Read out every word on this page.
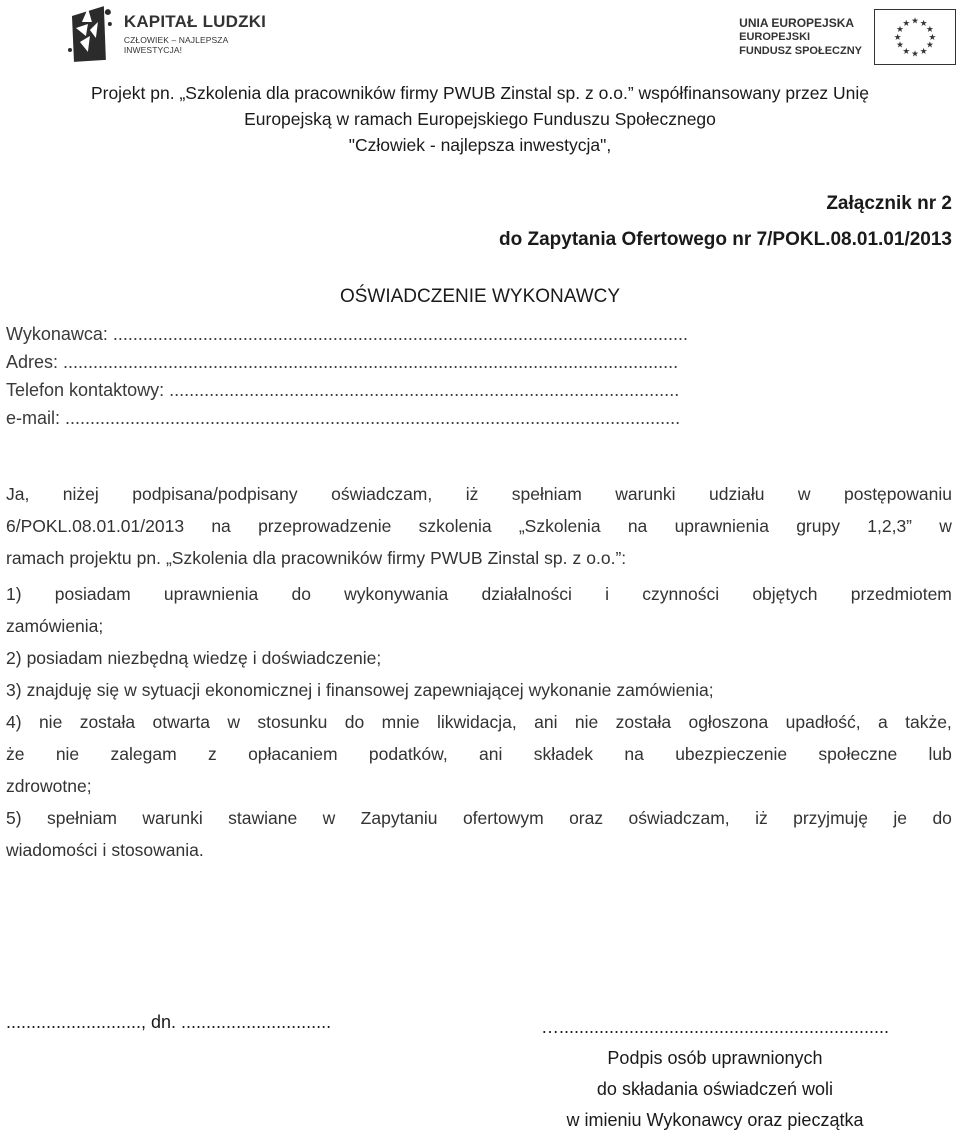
KAPITAŁ LUDZKI
CZŁOWIEK – NAJLEPSZA INWESTYCJA!
UNIA EUROPEJSKA
EUROPEJSKI
FUNDUSZ SPOŁECZNY
★ ★
★
★
★
★
★
★
★
★
★
★
Projekt pn. „Szkolenia dla pracowników firmy PWUB Zinstal sp. z o.o.” współfinansowany przez Unię
Europejską w ramach Europejskiego Funduszu Społecznego
"Człowiek - najlepsza inwestycja",
Załącznik nr 2
do Zapytania Ofertowego nr 7/POKL.08.01.01/2013
OŚWIADCZENIE WYKONAWCY
Wykonawca: ...................................................................................................................
Adres: ...........................................................................................................................
Telefon kontaktowy: ......................................................................................................
e-mail: ...........................................................................................................................
Ja, niżej podpisana/podpisany oświadczam, iż spełniam warunki udziału w postępowaniu
6/POKL.08.01.01/2013 na przeprowadzenie szkolenia „Szkolenia na uprawnienia grupy 1,2,3” w
ramach projektu pn. „Szkolenia dla pracowników firmy PWUB Zinstal sp. z o.o.”:
1) posiadam uprawnienia do wykonywania działalności i czynności objętych przedmiotem
zamówienia;
2) posiadam niezbędną wiedzę i doświadczenie;
3) znajduję się w sytuacji ekonomicznej i finansowej zapewniającej wykonanie zamówienia;
4) nie została otwarta w stosunku do mnie likwidacja, ani nie została ogłoszona upadłość, a także,
że nie zalegam z opłacaniem podatków, ani składek na ubezpieczenie społeczne lub
zdrowotne;
5) spełniam warunki stawiane w Zapytaniu ofertowym oraz oświadczam, iż przyjmuję je do
wiadomości i stosowania.
..........................., dn. ..............................	…..................................................................
Podpis osób uprawnionych
do składania oświadczeń woli
w imieniu Wykonawcy oraz pieczątka
